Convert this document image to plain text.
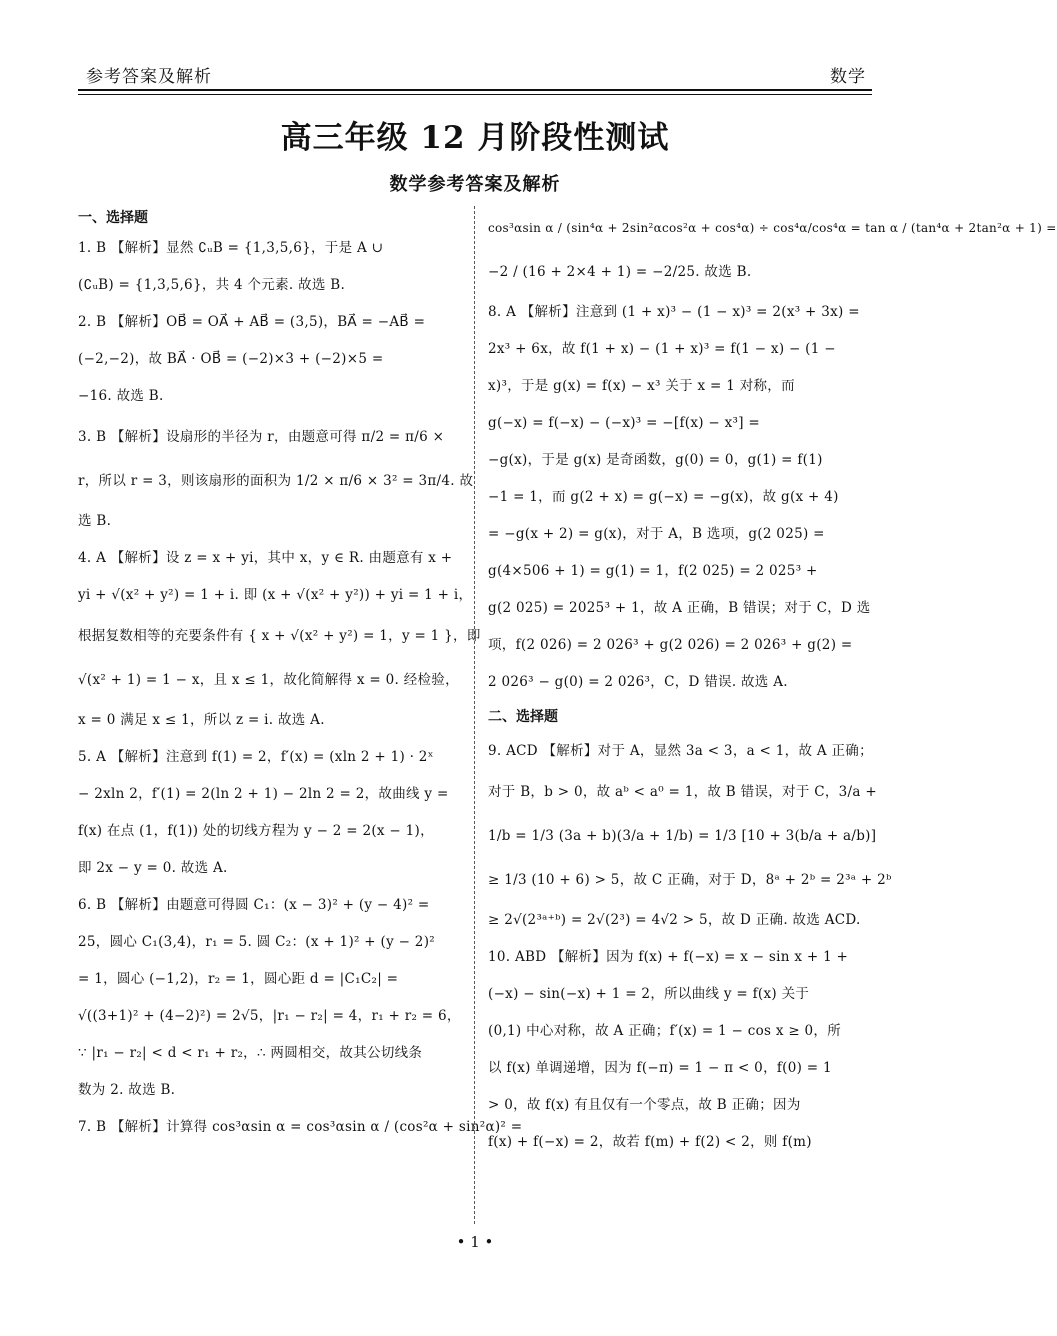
参考答案及解析	数学
高三年级 12 月阶段性测试
数学参考答案及解析
一、选择题
1. B 【解析】显然 ∁ᵤB = {1,3,5,6}，于是 A ∪
(∁ᵤB) = {1,3,5,6}，共 4 个元素. 故选 B.
2. B 【解析】OB⃗ = OA⃗ + AB⃗ = (3,5)，BA⃗ = −AB⃗ =
(−2,−2)，故 BA⃗ · OB⃗ = (−2)×3 + (−2)×5 =
−16. 故选 B.
3. B 【解析】设扇形的半径为 r，由题意可得 π/2 = π/6 ×
r，所以 r = 3，则该扇形的面积为 1/2 × π/6 × 3² = 3π/4. 故
选 B.
4. A 【解析】设 z = x + yi，其中 x，y ∈ R. 由题意有 x +
yi + √(x² + y²) = 1 + i. 即 (x + √(x² + y²)) + yi = 1 + i，
根据复数相等的充要条件有 { x + √(x² + y²) = 1，y = 1 }，即
√(x² + 1) = 1 − x，且 x ≤ 1，故化简解得 x = 0. 经检验，
x = 0 满足 x ≤ 1，所以 z = i. 故选 A.
5. A 【解析】注意到 f(1) = 2，f′(x) = (xln 2 + 1) · 2ˣ
− 2xln 2，f′(1) = 2(ln 2 + 1) − 2ln 2 = 2，故曲线 y =
f(x) 在点 (1，f(1)) 处的切线方程为 y − 2 = 2(x − 1)，
即 2x − y = 0. 故选 A.
6. B 【解析】由题意可得圆 C₁：(x − 3)² + (y − 4)² =
25，圆心 C₁(3,4)，r₁ = 5. 圆 C₂：(x + 1)² + (y − 2)²
= 1，圆心 (−1,2)，r₂ = 1，圆心距 d = |C₁C₂| =
√((3+1)² + (4−2)²) = 2√5，|r₁ − r₂| = 4，r₁ + r₂ = 6，
∵ |r₁ − r₂| < d < r₁ + r₂，∴ 两圆相交，故其公切线条
数为 2. 故选 B.
7. B 【解析】计算得 cos³αsin α = cos³αsin α / (cos²α + sin²α)² =
cos³αsin α / (sin⁴α + 2sin²αcos²α + cos⁴α) ÷ cos⁴α/cos⁴α = tan α / (tan⁴α + 2tan²α + 1) =
−2 / (16 + 2×4 + 1) = −2/25. 故选 B.
8. A 【解析】注意到 (1 + x)³ − (1 − x)³ = 2(x³ + 3x) =
2x³ + 6x，故 f(1 + x) − (1 + x)³ = f(1 − x) − (1 −
x)³，于是 g(x) = f(x) − x³ 关于 x = 1 对称，而
g(−x) = f(−x) − (−x)³ = −[f(x) − x³] =
−g(x)，于是 g(x) 是奇函数，g(0) = 0，g(1) = f(1)
−1 = 1，而 g(2 + x) = g(−x) = −g(x)，故 g(x + 4)
= −g(x + 2) = g(x)，对于 A，B 选项，g(2 025) =
g(4×506 + 1) = g(1) = 1，f(2 025) = 2 025³ +
g(2 025) = 2025³ + 1，故 A 正确，B 错误；对于 C，D 选
项，f(2 026) = 2 026³ + g(2 026) = 2 026³ + g(2) =
2 026³ − g(0) = 2 026³，C，D 错误. 故选 A.
二、选择题
9. ACD 【解析】对于 A，显然 3a < 3，a < 1，故 A 正确；
对于 B，b > 0，故 aᵇ < a⁰ = 1，故 B 错误，对于 C，3/a +
1/b = 1/3 (3a + b)(3/a + 1/b) = 1/3 [10 + 3(b/a + a/b)]
≥ 1/3 (10 + 6) > 5，故 C 正确，对于 D，8ᵃ + 2ᵇ = 2³ᵃ + 2ᵇ
≥ 2√(2³ᵃ⁺ᵇ) = 2√(2³) = 4√2 > 5，故 D 正确. 故选 ACD.
10. ABD 【解析】因为 f(x) + f(−x) = x − sin x + 1 +
(−x) − sin(−x) + 1 = 2，所以曲线 y = f(x) 关于
(0,1) 中心对称，故 A 正确；f′(x) = 1 − cos x ≥ 0，所
以 f(x) 单调递增，因为 f(−π) = 1 − π < 0，f(0) = 1
> 0，故 f(x) 有且仅有一个零点，故 B 正确；因为
f(x) + f(−x) = 2，故若 f(m) + f(2) < 2，则 f(m)
• 1 •
